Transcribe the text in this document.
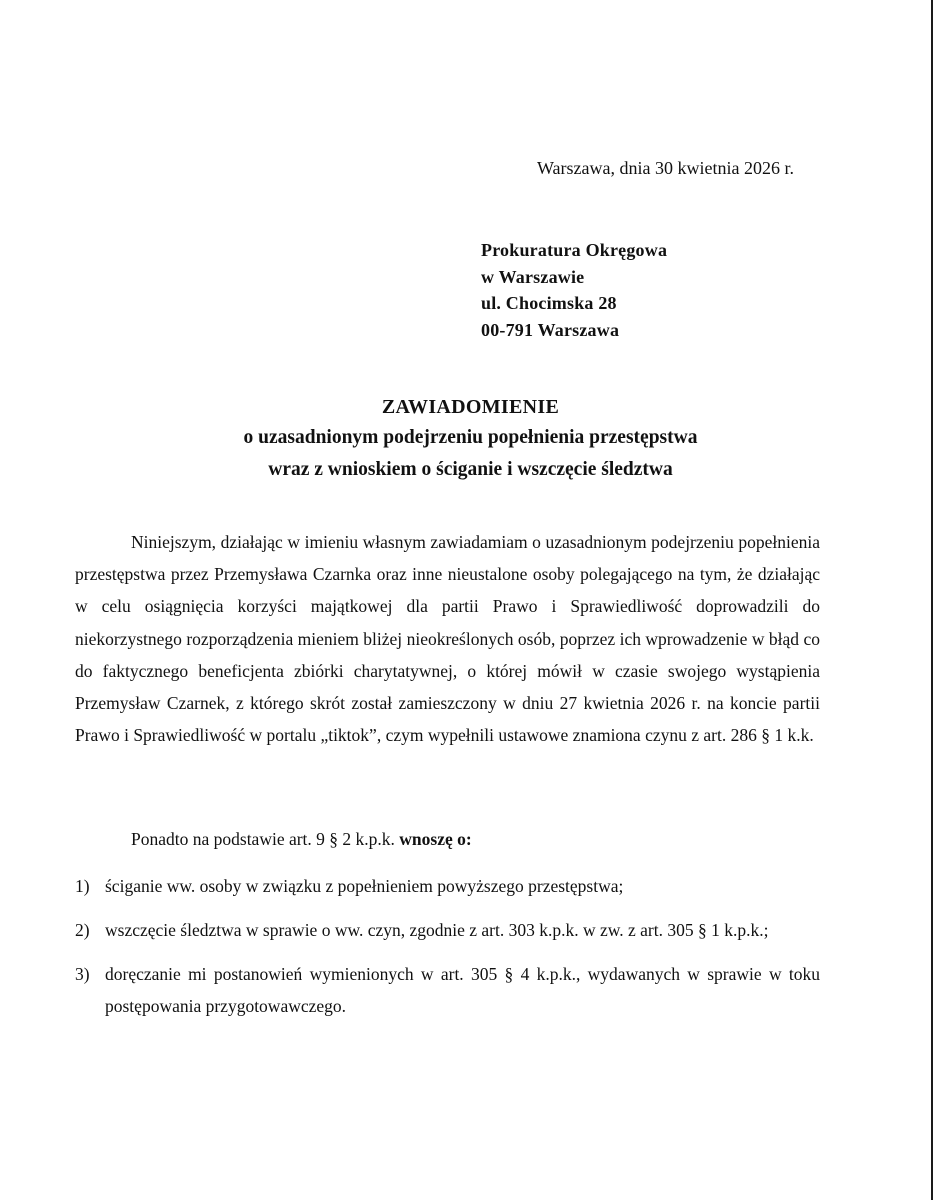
Warszawa, dnia 30 kwietnia 2026 r.
Prokuratura Okręgowa
w Warszawie
ul. Chocimska 28
00-791 Warszawa
ZAWIADOMIENIE
o uzasadnionym podejrzeniu popełnienia przestępstwa
wraz z wnioskiem o ściganie i wszczęcie śledztwa
Niniejszym, działając w imieniu własnym zawiadamiam o uzasadnionym podejrzeniu popełnienia przestępstwa przez Przemysława Czarnka oraz inne nieustalone osoby polegającego na tym, że działając w celu osiągnięcia korzyści majątkowej dla partii Prawo i Sprawiedliwość doprowadzili do niekorzystnego rozporządzenia mieniem bliżej nieokreślonych osób, poprzez ich wprowadzenie w błąd co do faktycznego beneficjenta zbiórki charytatywnej, o której mówił w czasie swojego wystąpienia Przemysław Czarnek, z którego skrót został zamieszczony w dniu 27 kwietnia 2026 r. na koncie partii Prawo i Sprawiedliwość w portalu „tiktok”, czym wypełnili ustawowe znamiona czynu z art. 286 § 1 k.k.
Ponadto na podstawie art. 9 § 2 k.p.k. wnoszę o:
1) ściganie ww. osoby w związku z popełnieniem powyższego przestępstwa;
2) wszczęcie śledztwa w sprawie o ww. czyn, zgodnie z art. 303 k.p.k. w zw. z art. 305 § 1 k.p.k.;
3) doręczanie mi postanowień wymienionych w art. 305 § 4 k.p.k., wydawanych w sprawie w toku postępowania przygotowawczego.
